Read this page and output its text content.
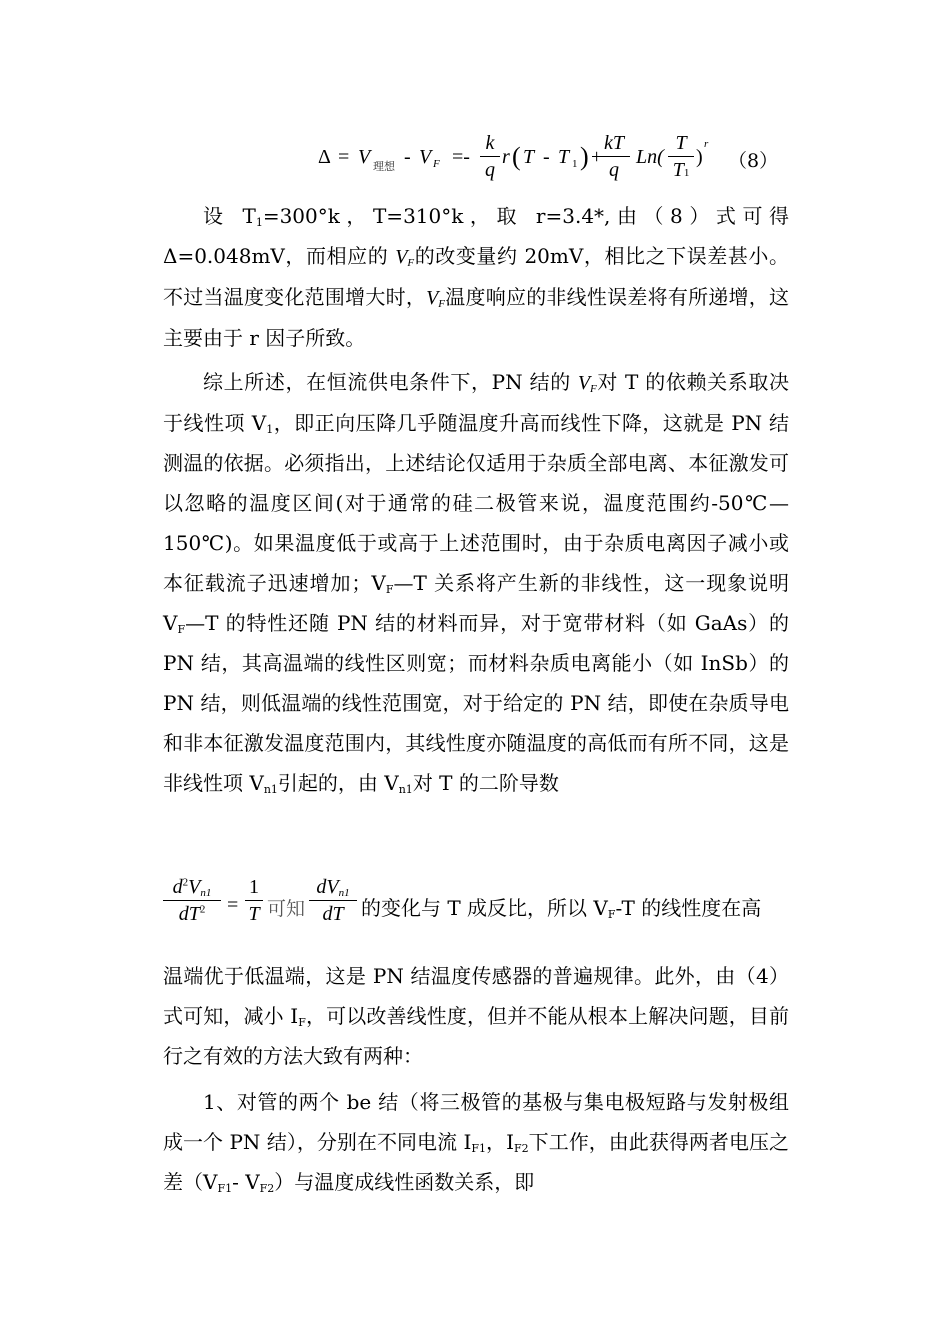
Δ = V 理想 - V $F =- \frac{k}{q}$ r ( T - T 1 ) +
$\frac{kT}{q} Ln( \frac{T}{T1}$ )
r
（8）
设 $T_1=300^\circ k$，T=310°k，取 r=3.4*,由（8）式可得Δ=0.048mV，而相应的 $V_F$的改变量约 20mV，相比之下误差甚小。不过当温度变化范围增大时，$V_F$温度响应的非线性误差将有所递增，这主要由于 r 因子所致。
综上所述，在恒流供电条件下，PN 结的 $V_F$对 T 的依赖关系取决于线性项 $V_1$，即正向压降几乎随温度升高而线性下降，这就是 PN 结测温的依据。必须指出，上述结论仅适用于杂质全部电离、本征激发可以忽略的温度区间(对于通常的硅二极管来说，温度范围约-50℃—150℃)。如果温度低于或高于上述范围时，由于杂质电离因子减小或本征载流子迅速增加；$V_F—T$ 关系将产生新的非线性，这一现象说明 $V_F—T$ 的特性还随 PN 结的材料而异，对于宽带材料（如 GaAs）的 PN 结，其高温端的线性区则宽；而材料杂质电离能小（如 InSb）的 PN 结，则低温端的线性范围宽，对于给定的 PN 结，即使在杂质导电和非本征激发温度范围内，其线性度亦随温度的高低而有所不同，这是非线性项 $V_{n1}$引起的，由 $V_{n1}$对 T 的二阶导数
$\frac{d^2V_{n1}}{dT^2} = \frac{1}{T}$ 可知
$dV_{n1}$
dT 的变化与 T 成反比，所以 $V_F-T$ 的线性度在高
温端优于低温端，这是 PN 结温度传感器的普遍规律。此外，由（4）式可知，减小 $I_F$，可以改善线性度，但并不能从根本上解决问题，目前行之有效的方法大致有两种：
1、对管的两个 be 结（将三极管的基极与集电极短路与发射极组成一个 PN 结），分别在不同电流 $I_{F1}$，$I_{F2}$下工作，由此获得两者电压之差（$V_{F1}-$ $V_{F2}$）与温度成线性函数关系，即
